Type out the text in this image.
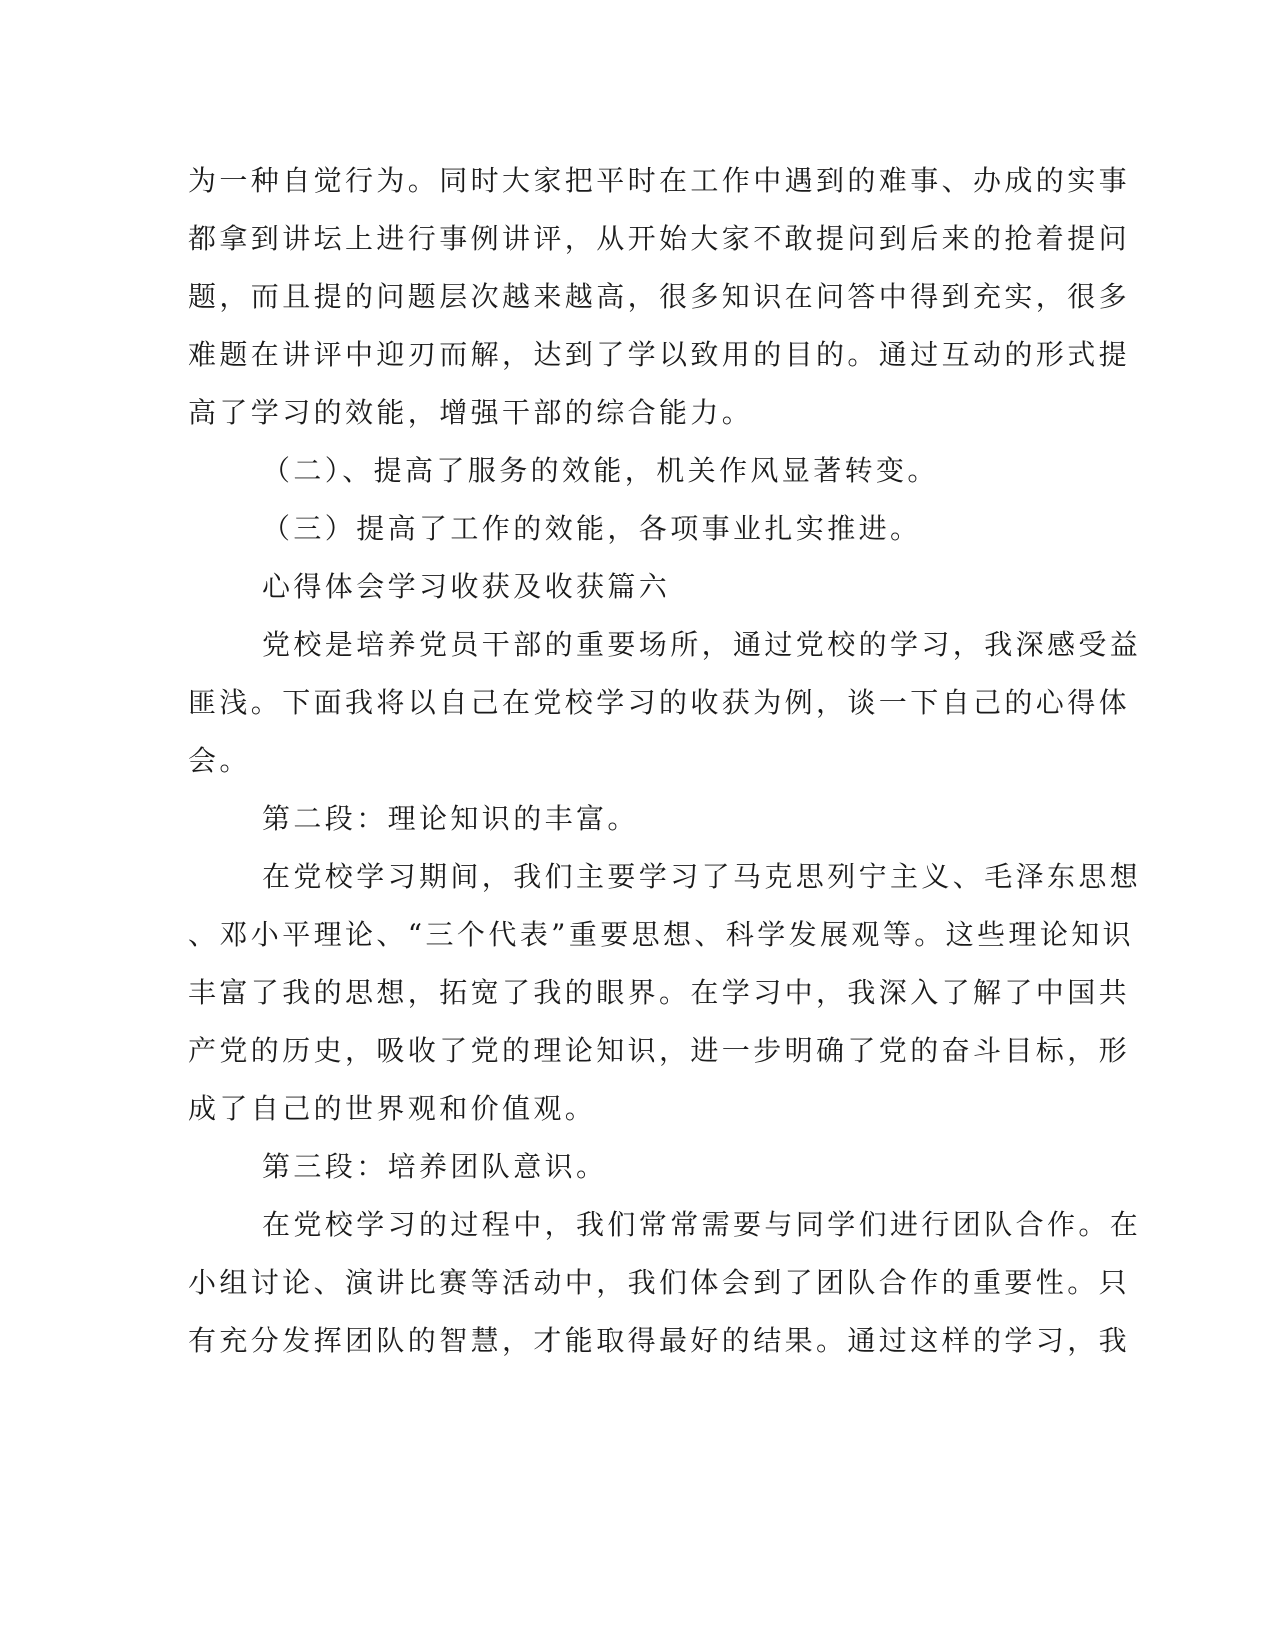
为一种自觉行为。同时大家把平时在工作中遇到的难事、办成的实事
都拿到讲坛上进行事例讲评，从开始大家不敢提问到后来的抢着提问
题，而且提的问题层次越来越高，很多知识在问答中得到充实，很多
难题在讲评中迎刃而解，达到了学以致用的目的。通过互动的形式提
高了学习的效能，增强干部的综合能力。
（二）、提高了服务的效能，机关作风显著转变。
（三）提高了工作的效能，各项事业扎实推进。
心得体会学习收获及收获篇六
党校是培养党员干部的重要场所，通过党校的学习，我深感受益
匪浅。下面我将以自己在党校学习的收获为例，谈一下自己的心得体
会。
第二段：理论知识的丰富。
在党校学习期间，我们主要学习了马克思列宁主义、毛泽东思想
、邓小平理论、“三个代表”重要思想、科学发展观等。这些理论知识
丰富了我的思想，拓宽了我的眼界。在学习中，我深入了解了中国共
产党的历史，吸收了党的理论知识，进一步明确了党的奋斗目标，形
成了自己的世界观和价值观。
第三段：培养团队意识。
在党校学习的过程中，我们常常需要与同学们进行团队合作。在
小组讨论、演讲比赛等活动中，我们体会到了团队合作的重要性。只
有充分发挥团队的智慧，才能取得最好的结果。通过这样的学习，我
